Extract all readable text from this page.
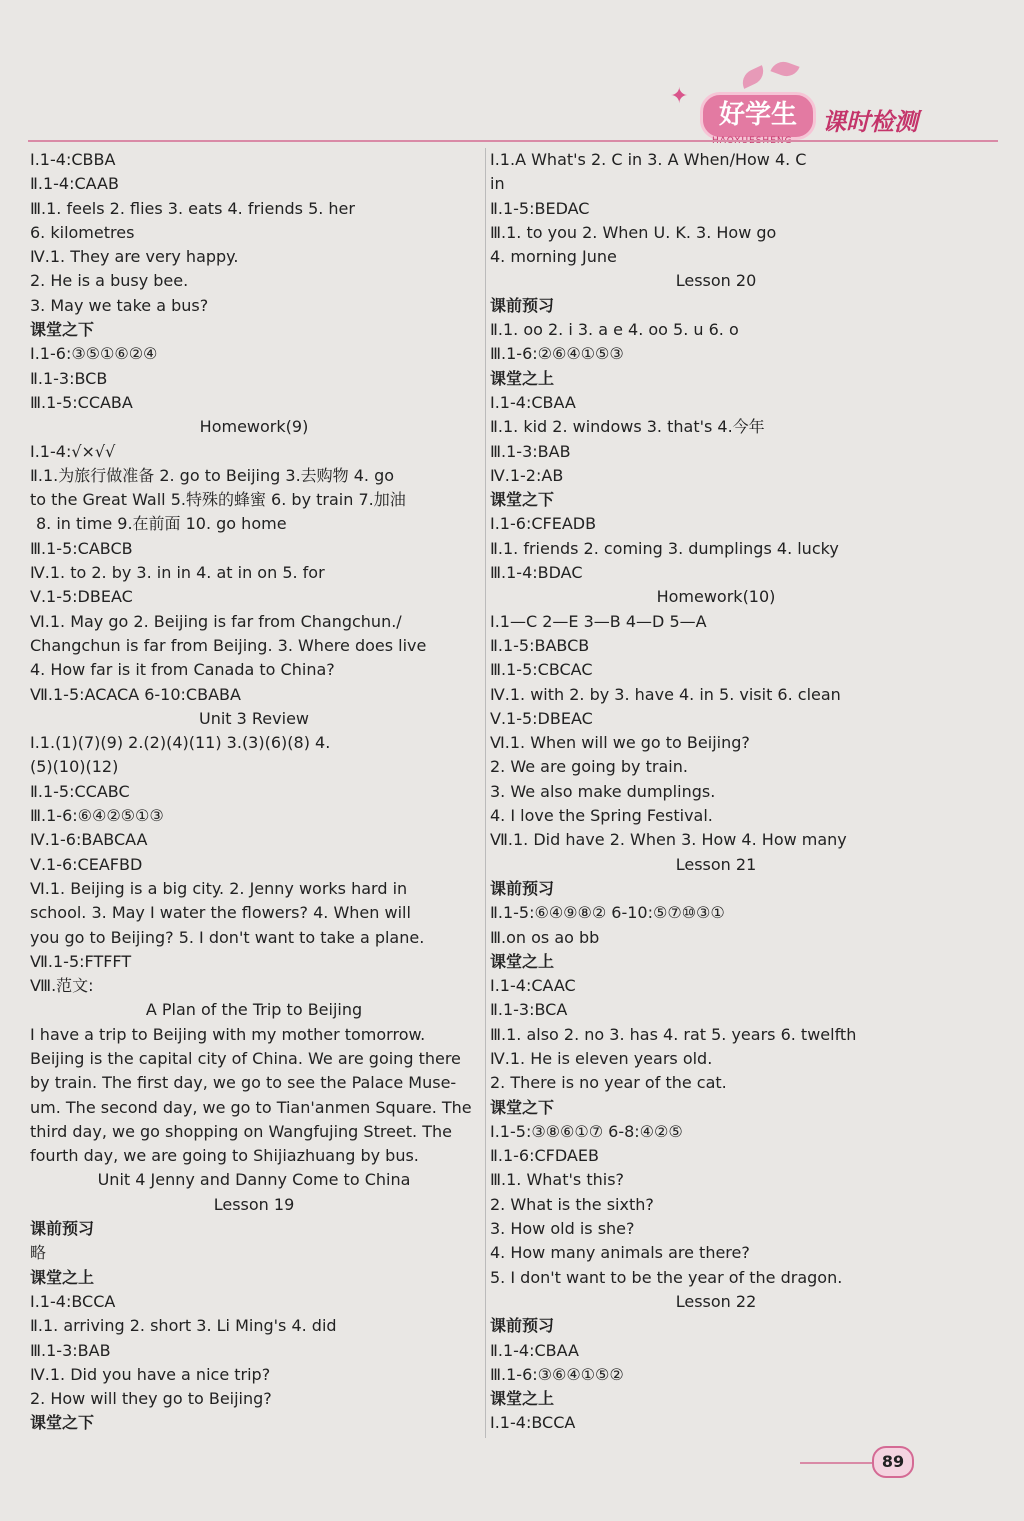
✦
好学生	课时检测
Ⅰ.1-4:CBBA
Ⅱ.1-4:CAAB
Ⅲ.1. feels 2. flies 3. eats 4. friends 5. her
6. kilometres
Ⅳ.1. They are very happy.
2. He is a busy bee.
3. May we take a bus?
课堂之下
Ⅰ.1-6:③⑤①⑥②④
Ⅱ.1-3:BCB
Ⅲ.1-5:CCABA
Homework(9)
Ⅰ.1-4:√×√√
Ⅱ.1.为旅行做准备 2. go to Beijing 3.去购物 4. go
to the Great Wall 5.特殊的蜂蜜 6. by train 7.加油
8. in time 9.在前面 10. go home
Ⅲ.1-5:CABCB
Ⅳ.1. to 2. by 3. in in 4. at in on 5. for
Ⅴ.1-5:DBEAC
Ⅵ.1. May go 2. Beijing is far from Changchun./
Changchun is far from Beijing. 3. Where does live
4. How far is it from Canada to China?
Ⅶ.1-5:ACACA 6-10:CBABA
Unit 3 Review
Ⅰ.1.(1)(7)(9) 2.(2)(4)(11) 3.(3)(6)(8) 4.
(5)(10)(12)
Ⅱ.1-5:CCABC
Ⅲ.1-6:⑥④②⑤①③
Ⅳ.1-6:BABCAA
Ⅴ.1-6:CEAFBD
Ⅵ.1. Beijing is a big city. 2. Jenny works hard in
school. 3. May I water the flowers? 4. When will
you go to Beijing? 5. I don't want to take a plane.
Ⅶ.1-5:FTFFT
Ⅷ.范文:
A Plan of the Trip to Beijing
I have a trip to Beijing with my mother tomorrow.
Beijing is the capital city of China. We are going there
by train. The first day, we go to see the Palace Muse-
um. The second day, we go to Tian'anmen Square. The
third day, we go shopping on Wangfujing Street. The
fourth day, we are going to Shijiazhuang by bus.
Unit 4 Jenny and Danny Come to China
Lesson 19
课前预习
略
课堂之上
Ⅰ.1-4:BCCA
Ⅱ.1. arriving 2. short 3. Li Ming's 4. did
Ⅲ.1-3:BAB
Ⅳ.1. Did you have a nice trip?
2. How will they go to Beijing?
课堂之下
Ⅰ.1.A What's 2. C in 3. A When/How 4. C
in
Ⅱ.1-5:BEDAC
Ⅲ.1. to you 2. When U. K. 3. How go
4. morning June
Lesson 20
课前预习
Ⅱ.1. oo 2. i 3. a e 4. oo 5. u 6. o
Ⅲ.1-6:②⑥④①⑤③
课堂之上
Ⅰ.1-4:CBAA
Ⅱ.1. kid 2. windows 3. that's 4.今年
Ⅲ.1-3:BAB
Ⅳ.1-2:AB
课堂之下
Ⅰ.1-6:CFEADB
Ⅱ.1. friends 2. coming 3. dumplings 4. lucky
Ⅲ.1-4:BDAC
Homework(10)
Ⅰ.1—C 2—E 3—B 4—D 5—A
Ⅱ.1-5:BABCB
Ⅲ.1-5:CBCAC
Ⅳ.1. with 2. by 3. have 4. in 5. visit 6. clean
Ⅴ.1-5:DBEAC
Ⅵ.1. When will we go to Beijing?
2. We are going by train.
3. We also make dumplings.
4. I love the Spring Festival.
Ⅶ.1. Did have 2. When 3. How 4. How many
Lesson 21
课前预习
Ⅱ.1-5:⑥④⑨⑧② 6-10:⑤⑦⑩③①
Ⅲ.on os ao bb
课堂之上
Ⅰ.1-4:CAAC
Ⅱ.1-3:BCA
Ⅲ.1. also 2. no 3. has 4. rat 5. years 6. twelfth
Ⅳ.1. He is eleven years old.
2. There is no year of the cat.
课堂之下
Ⅰ.1-5:③⑧⑥①⑦ 6-8:④②⑤
Ⅱ.1-6:CFDAEB
Ⅲ.1. What's this?
2. What is the sixth?
3. How old is she?
4. How many animals are there?
5. I don't want to be the year of the dragon.
Lesson 22
课前预习
Ⅱ.1-4:CBAA
Ⅲ.1-6:③⑥④①⑤②
课堂之上
Ⅰ.1-4:BCCA
89
